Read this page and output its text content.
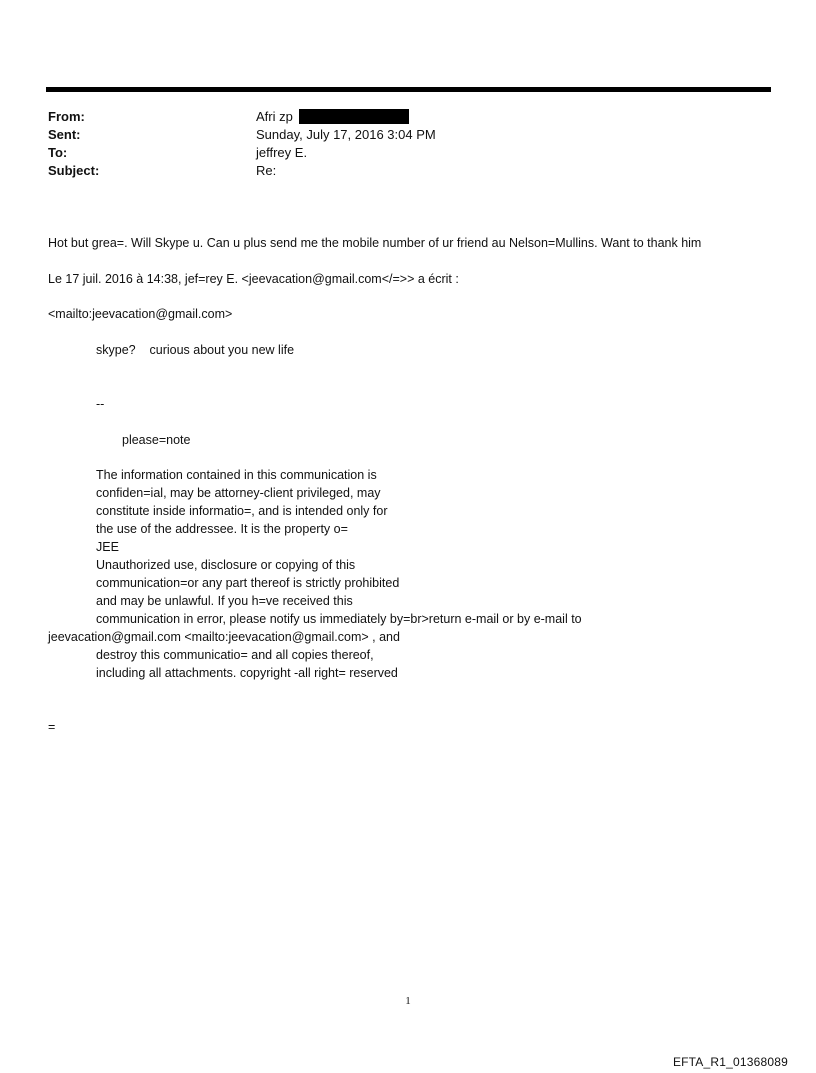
From:	Afri zp
Sent:	Sunday, July 17, 2016 3:04 PM
To:	jeffrey E.
Subject:	Re:
Hot but grea=. Will Skype u. Can u plus send me the mobile number of ur friend au Nelson=Mullins. Want to thank him
Le 17 juil. 2016 à 14:38, jef=rey E. <jeevacation@gmail.com</=>> a écrit :
<mailto:jeevacation@gmail.com>
skype?    curious about you new life
--
please=note
The information contained in this communication is
confiden=ial, may be attorney-client privileged, may
constitute inside informatio=, and is intended only for
the use of the addressee. It is the property o=
JEE
Unauthorized use, disclosure or copying of this
communication=or any part thereof is strictly prohibited
and may be unlawful. If you h=ve received this
communication in error, please notify us immediately by=br>return e-mail or by e-mail to
jeevacation@gmail.com <mailto:jeevacation@gmail.com> , and
destroy this communicatio= and all copies thereof,
including all attachments. copyright -all right= reserved
=
1
EFTA_R1_01368089
